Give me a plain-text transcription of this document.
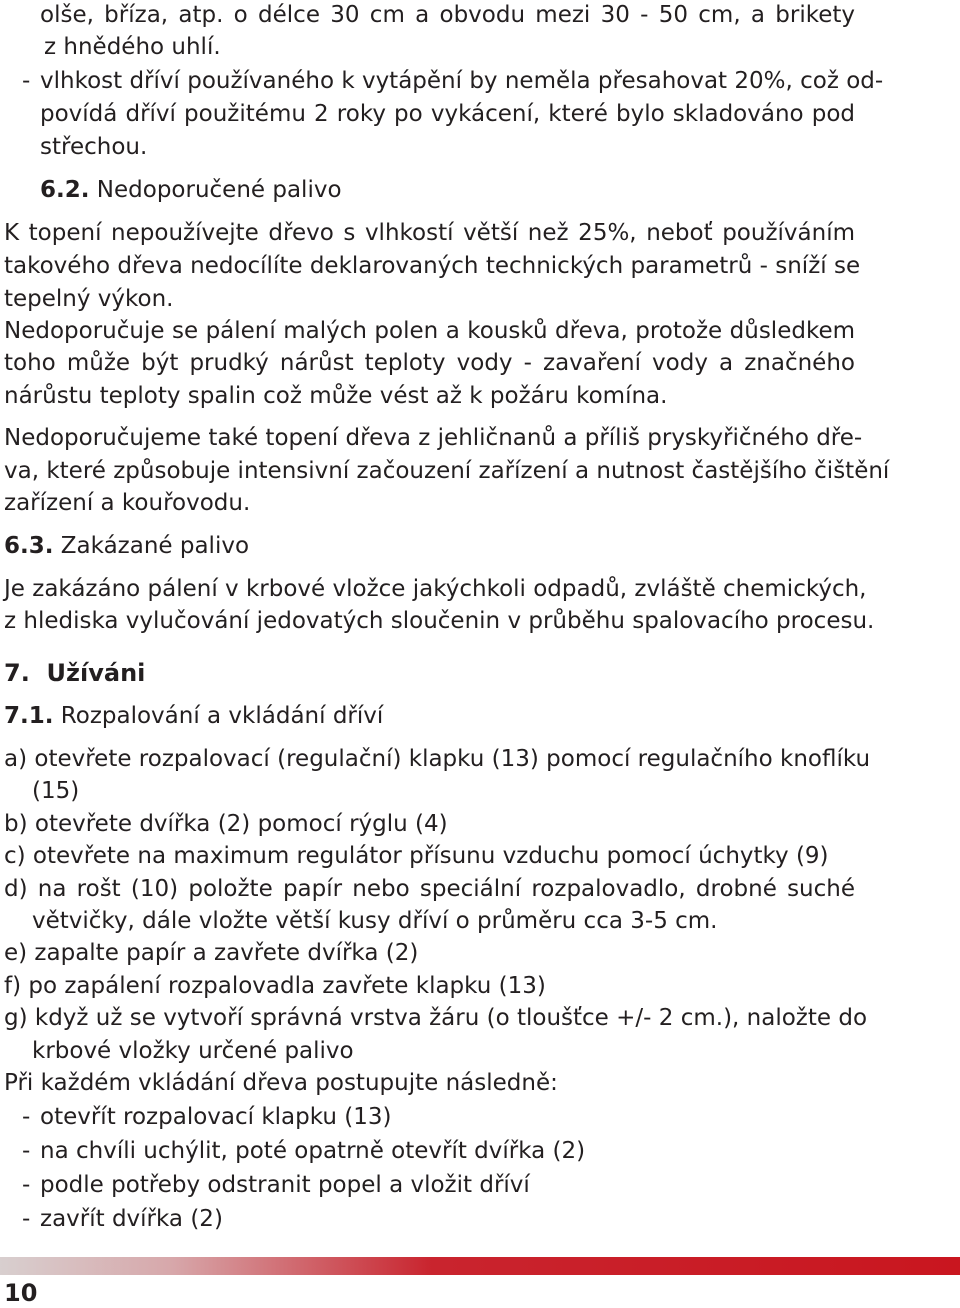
olše, bříza, atp. o délce 30 cm a obvodu mezi 30 - 50 cm, a brikety
z hnědého uhlí.
- vlhkost dříví používaného k vytápění by neměla přesahovat 20%, což od-
povídá dříví použitému 2 roky po vykácení, které bylo skladováno pod
střechou.
6.2. Nedoporučené palivo
K topení nepoužívejte dřevo s vlhkostí větší než 25%, neboť používáním
takového dřeva nedocílíte deklarovaných technických parametrů - sníží se
tepelný výkon.
Nedoporučuje se pálení malých polen a kousků dřeva, protože důsledkem
toho může být prudký nárůst teploty vody - zavaření vody a značného
nárůstu teploty spalin což může vést až k požáru komína.
Nedoporučujeme také topení dřeva z jehličnanů a příliš pryskyřičného dře-
va, které způsobuje intensivní začouzení zařízení a nutnost častějšího čištění
zařízení a kouřovodu.
6.3. Zakázané palivo
Je zakázáno pálení v krbové vložce jakýchkoli odpadů, zvláště chemických,
z hlediska vylučování jedovatých sloučenin v průběhu spalovacího procesu.
7. Užíváni
7.1. Rozpalování a vkládání dříví
a) otevřete rozpalovací (regulační) klapku (13) pomocí regulačního knoflíku
(15)
b) otevřete dvířka (2) pomocí rýglu (4)
c) otevřete na maximum regulátor přísunu vzduchu pomocí úchytky (9)
d) na rošt (10) položte papír nebo speciální rozpalovadlo, drobné suché
větvičky, dále vložte větší kusy dříví o průměru cca 3-5 cm.
e) zapalte papír a zavřete dvířka (2)
f) po zapálení rozpalovadla zavřete klapku (13)
g) když už se vytvoří správná vrstva žáru (o tloušťce +/- 2 cm.), naložte do
krbové vložky určené palivo
Při každém vkládání dřeva postupujte následně:
- otevřít rozpalovací klapku (13)
- na chvíli uchýlit, poté opatrně otevřít dvířka (2)
- podle potřeby odstranit popel a vložit dříví
- zavřít dvířka (2)
10
